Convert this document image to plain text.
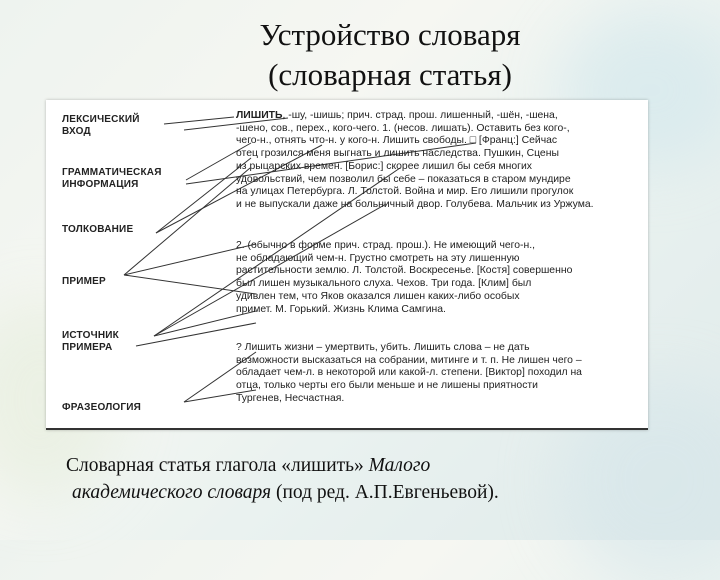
Устройство словаря
(словарная статья)
ЛЕКСИЧЕСКИЙ
ВХОД
ГРАММАТИЧЕСКАЯ
ИНФОРМАЦИЯ
ТОЛКОВАНИЕ
ПРИМЕР
ИСТОЧНИК
ПРИМЕРА
ФРАЗЕОЛОГИЯ
ЛИШИТЬ, -шу, -шишь; прич. страд. прош. лишенный, -шён, -шена,
-шено, сов., перех., кого-чего. 1. (несов. лишать). Оставить без кого-,
чего-н., отнять что-н. у кого-н. Лишить свободы. □ [Франц:] Сейчас
отец грозился меня выгнать и лишить наследства. Пушкин, Сцены
из рыцарских времен. [Борис:] скорее лишил бы себя многих
удовольствий, чем позволил бы себе – показаться в старом мундире
на улицах Петербурга. Л. Толстой. Война и мир. Его лишили прогулок
и не выпускали даже на больничный двор. Голубева. Мальчик из Уржума.
2. (обычно в форме прич. страд. прош.). Не имеющий чего-н.,
не обладающий чем-н. Грустно смотреть на эту лишенную
растительности землю. Л. Толстой. Воскресенье. [Костя] совершенно
был лишен музыкального слуха. Чехов. Три года. [Клим] был
удивлен тем, что Яков оказался лишен каких-либо особых
примет. М. Горький. Жизнь Клима Самгина.
? Лишить жизни – умертвить, убить. Лишить слова – не дать
возможности высказаться на собрании, митинге и т. п. Не лишен чего –
обладает чем-л. в некоторой или какой-л. степени. [Виктор] походил на
отца, только черты его были меньше и не лишены приятности
Тургенев, Несчастная.
Словарная статья глагола «лишить» Малого
академического словаря (под ред. А.П.Евгеньевой).
